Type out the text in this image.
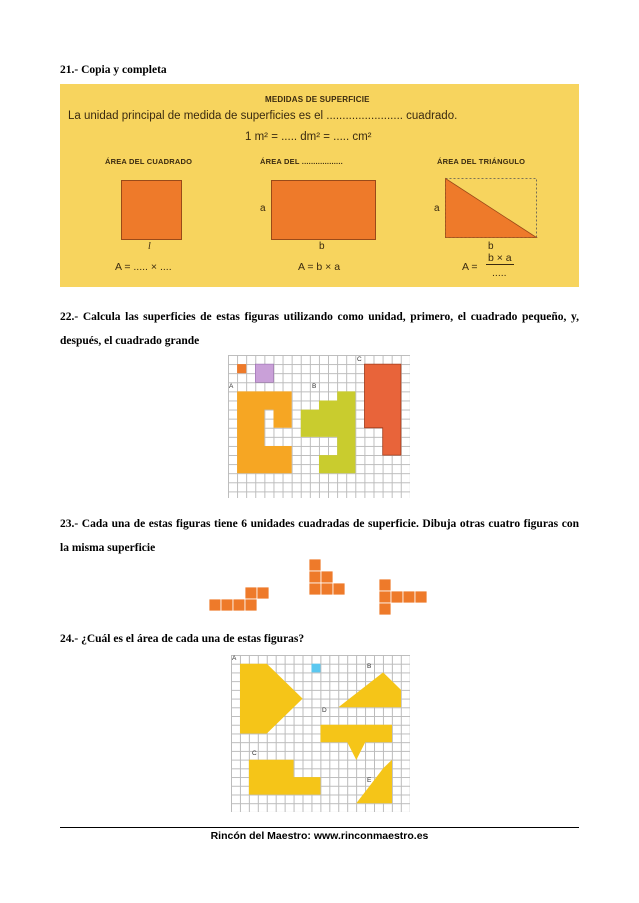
21.- Copia y completa
MEDIDAS DE SUPERFICIE
La unidad principal de medida de superficies es el ........................ cuadrado.
1 m² = ..... dm² = ..... cm²
ÁREA DEL CUADRADO	ÁREA DEL ..................	ÁREA DEL TRIÁNGULO
a	a
l	b	b
A = ..... × ....	A = b × a	A =
b × a
.....
22.- Calcula las superficies de estas figuras utilizando como unidad, primero, el cuadrado pequeño, y, después, el cuadrado grande
A	B
C
23.- Cada una de estas figuras tiene 6 unidades cuadradas de superficie. Dibuja otras cuatro figuras con la misma superficie
24.- ¿Cuál es el área de cada una de estas figuras?
A
B
D
C
E
Rincón del Maestro: www.rinconmaestro.es
